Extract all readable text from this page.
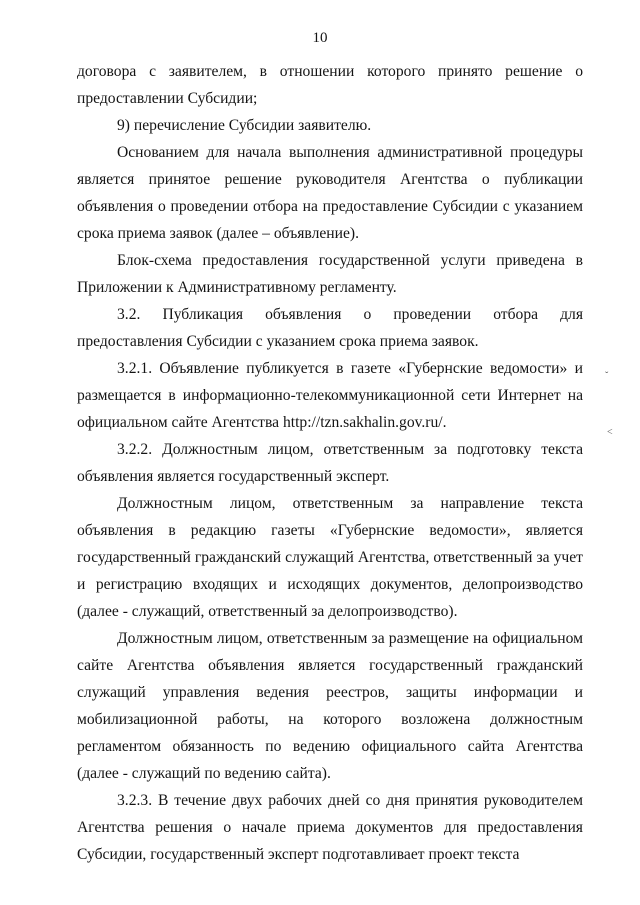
10

договора с заявителем, в отношении которого принято решение о предоставлении Субсидии;

9) перечисление Субсидии заявителю.

Основанием для начала выполнения административной процедуры является принятое решение руководителя Агентства о публикации объявления о проведении отбора на предоставление Субсидии с указанием срока приема заявок (далее – объявление).

Блок-схема предоставления государственной услуги приведена в Приложении к Административному регламенту.

3.2. Публикация объявления о проведении отбора для предоставления Субсидии с указанием срока приема заявок.

3.2.1. Объявление публикуется в газете «Губернские ведомости» и размещается в информационно-телекоммуникационной сети Интернет на официальном сайте Агентства http://tzn.sakhalin.gov.ru/.

3.2.2. Должностным лицом, ответственным за подготовку текста объявления является государственный эксперт.

Должностным лицом, ответственным за направление текста объявления в редакцию газеты «Губернские ведомости», является государственный гражданский служащий Агентства, ответственный за учет и регистрацию входящих и исходящих документов, делопроизводство (далее - служащий, ответственный за делопроизводство).

Должностным лицом, ответственным за размещение на официальном сайте Агентства объявления является государственный гражданский служащий управления ведения реестров, защиты информации и мобилизационной работы, на которого возложена должностным регламентом обязанность по ведению официального сайта Агентства (далее - служащий по ведению сайта).

3.2.3. В течение двух рабочих дней со дня принятия руководителем Агентства решения о начале приема документов для предоставления Субсидии, государственный эксперт подготавливает проект текста

ˇ
˂
